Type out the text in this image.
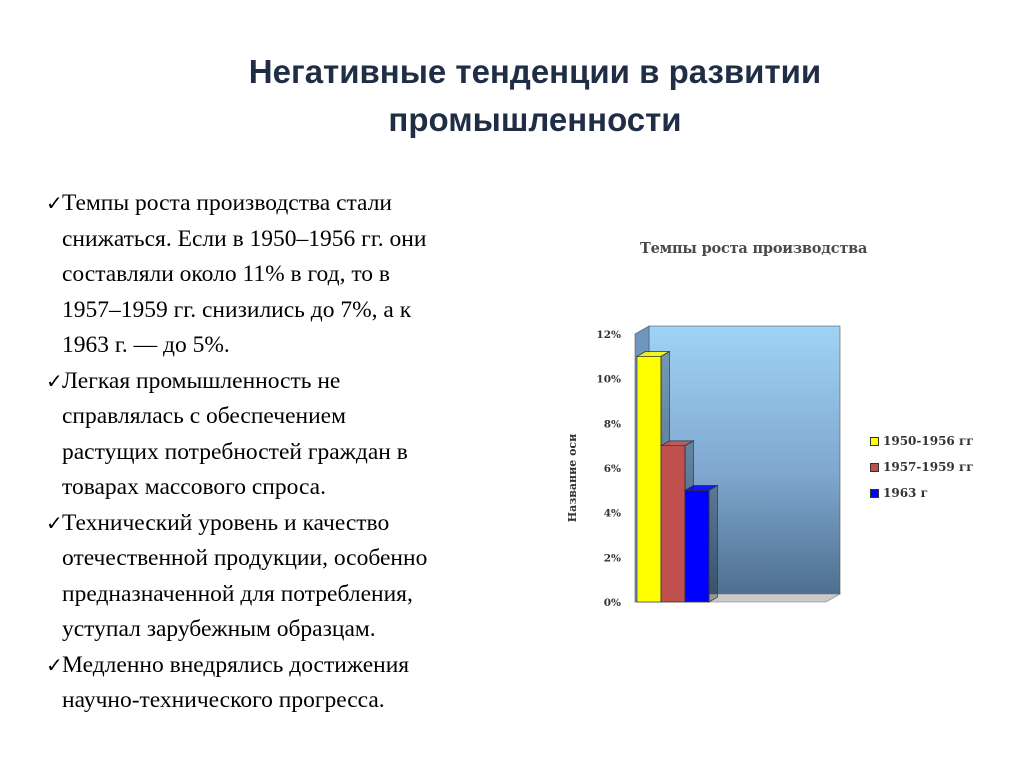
Негативные тенденции в развитии
промышленности
✓ Темпы роста производства стали
снижаться. Если в 1950–1956 гг. они
составляли около 11% в год, то в
1957–1959 гг. снизились до 7%, а к
1963 г. — до 5%.
✓ Легкая промышленность не
справлялась с обеспечением
растущих потребностей граждан в
товарах массового спроса.
✓ Технический уровень и качество
отечественной продукции, особенно
предназначенной для потребления,
уступал зарубежным образцам.
✓ Медленно внедрялись достижения
научно-технического прогресса.
Темпы роста производства
0%
2%
4%
6%
8%
10%
12%
Название оси	1950-1956 гг
1957-1959 гг
1963 г
